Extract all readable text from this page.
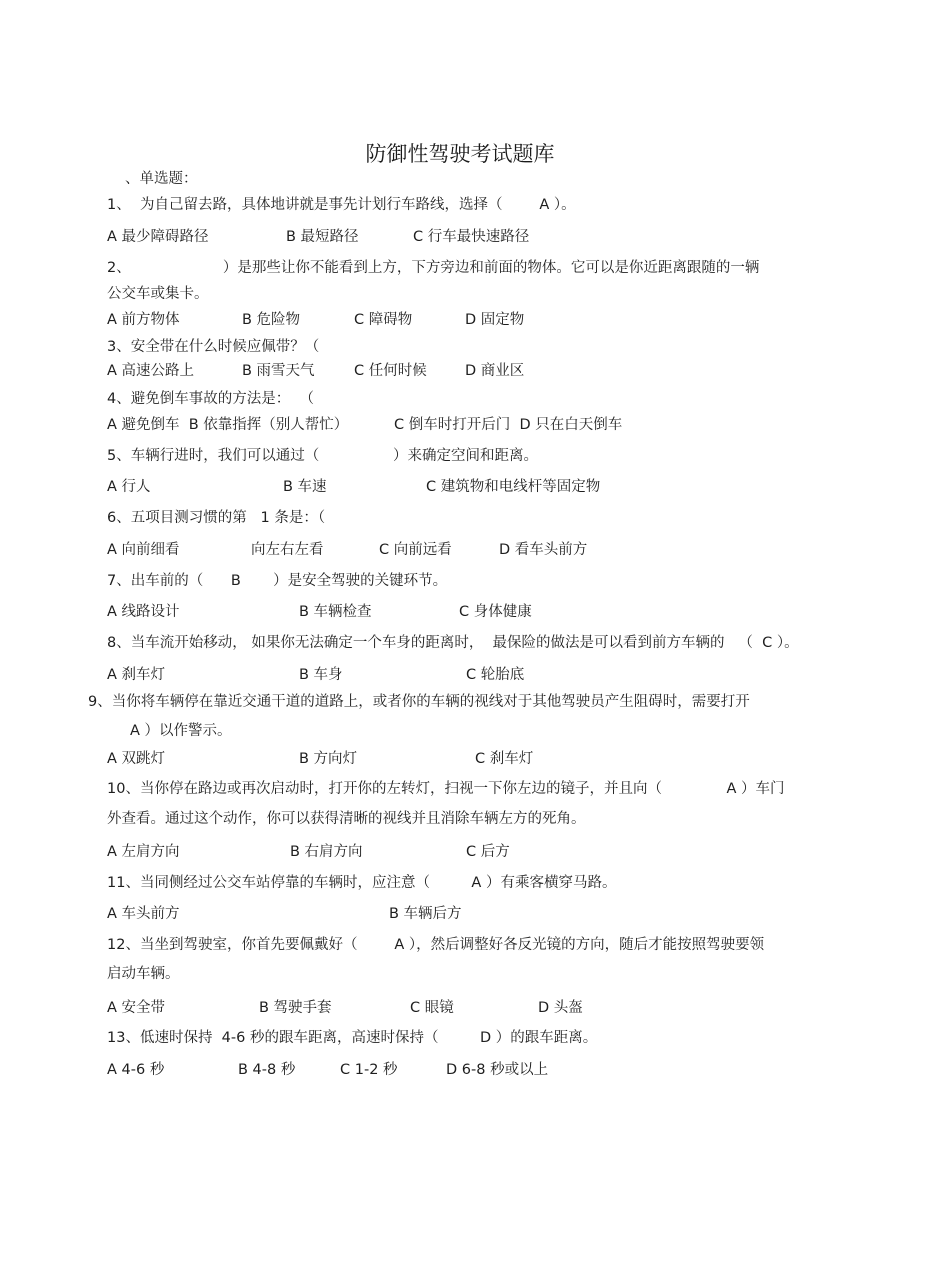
防御性驾驶考试题库
、单选题：
1、  为自己留去路，具体地讲就是事先计划行车路线，选择（        A ）。
A 最少障碍路径	B 最短路径	C 行车最快速路径
2、                    ）是那些让你不能看到上方，下方旁边和前面的物体。它可以是你近距离跟随的一辆
公交车或集卡。
A 前方物体	B 危险物	C 障碍物	D 固定物
3、安全带在什么时候应佩带？（
A 高速公路上	B 雨雪天气	C 任何时候	D 商业区
4、避免倒车事故的方法是：  （
A 避免倒车  B 依靠指挥（别人帮忙）	C 倒车时打开后门  D 只在白天倒车
5、车辆行进时，我们可以通过（                ）来确定空间和距离。
A 行人	B 车速	C 建筑物和电线杆等固定物
6、五项目测习惯的第   1 条是：（
A 向前细看	向左右左看	C 向前远看	D 看车头前方
7、出车前的（      B       ）是安全驾驶的关键环节。
A 线路设计	B 车辆检查	C 身体健康
8、当车流开始移动， 如果你无法确定一个车身的距离时，  最保险的做法是可以看到前方车辆的   （  C ）。
A 刹车灯	B 车身	C 轮胎底
9、当你将车辆停在靠近交通干道的道路上，或者你的车辆的视线对于其他驾驶员产生阻碍时，需要打开
A ）以作警示。
A 双跳灯	B 方向灯	C 刹车灯
10、当你停在路边或再次启动时，打开你的左转灯，扫视一下你左边的镜子，并且向（              A ）车门
外查看。通过这个动作，你可以获得清晰的视线并且消除车辆左方的死角。
A 左肩方向	B 右肩方向	C 后方
11、当同侧经过公交车站停靠的车辆时，应注意（         A ）有乘客横穿马路。
A 车头前方	B 车辆后方
12、当坐到驾驶室，你首先要佩戴好（        A ），然后调整好各反光镜的方向，随后才能按照驾驶要领
启动车辆。
A 安全带	B 驾驶手套	C 眼镜	D 头盔
13、低速时保持  4-6 秒的跟车距离，高速时保持（         D ）的跟车距离。
A 4-6 秒	B 4-8 秒	C 1-2 秒	D 6-8 秒或以上
